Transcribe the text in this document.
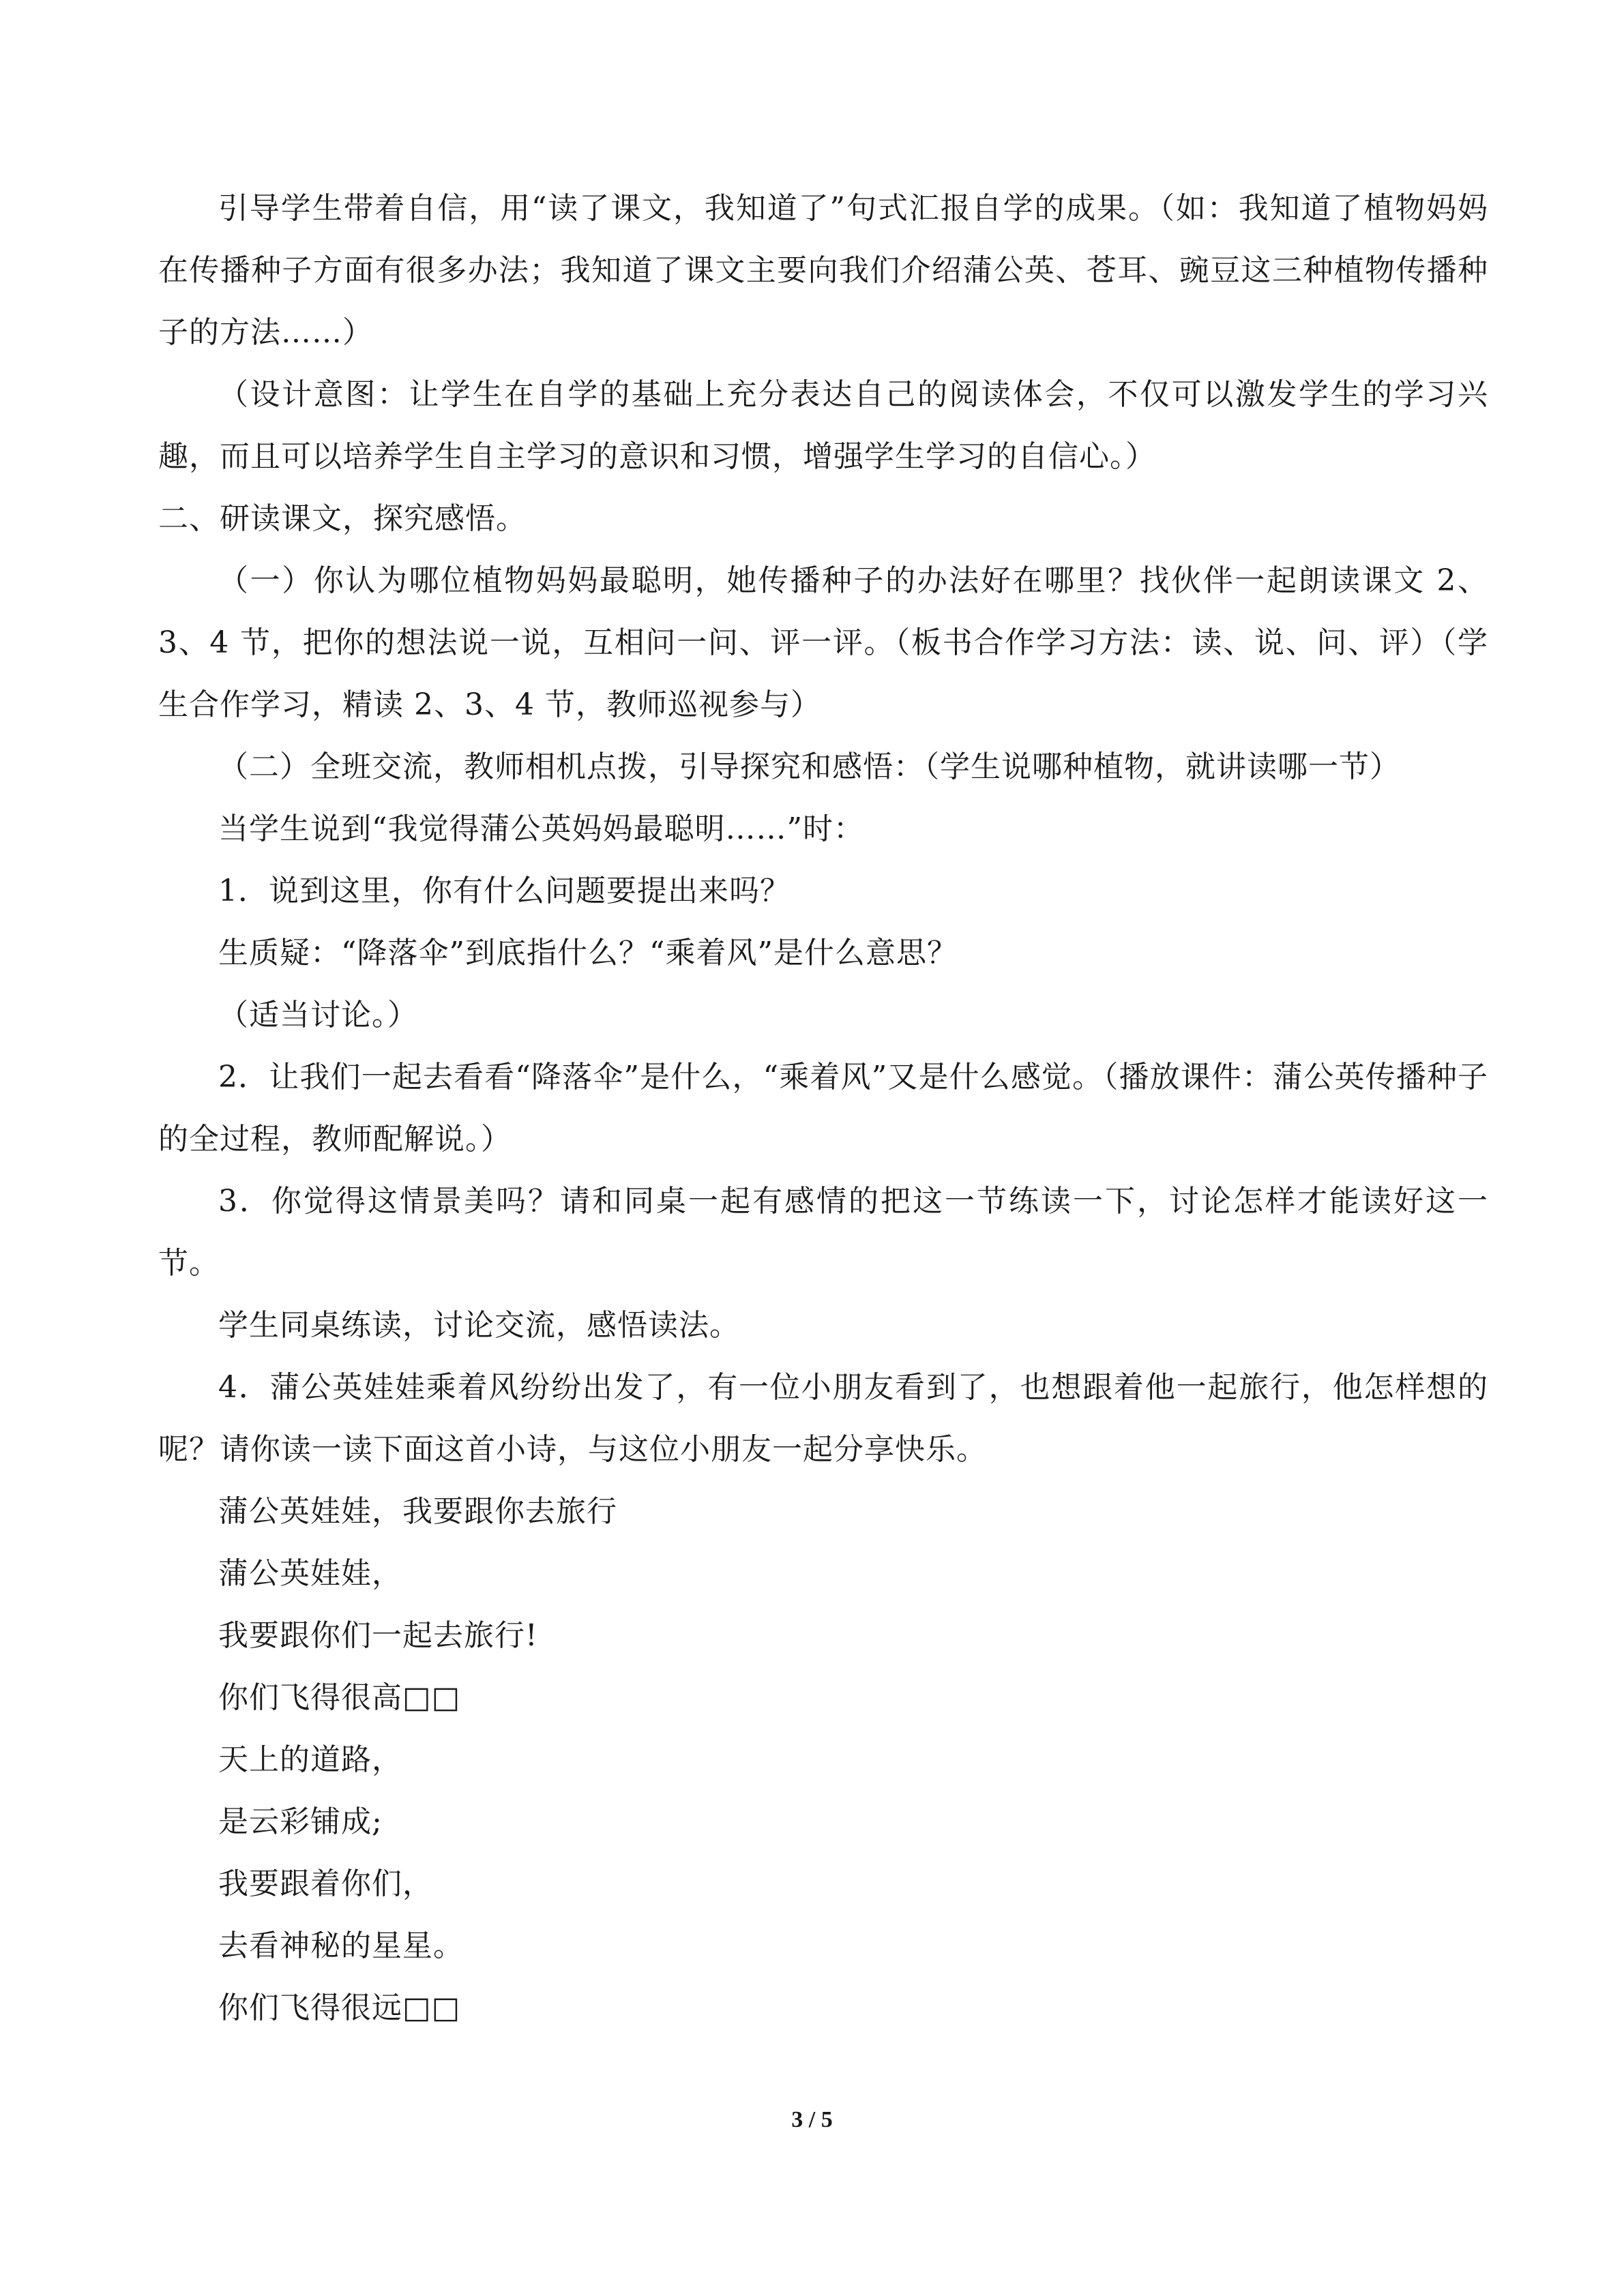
引导学生带着自信，用“读了课文，我知道了”句式汇报自学的成果。（如：我知道了植物妈妈在传播种子方面有很多办法；我知道了课文主要向我们介绍蒲公英、苍耳、豌豆这三种植物传播种子的方法……）

（设计意图：让学生在自学的基础上充分表达自己的阅读体会，不仅可以激发学生的学习兴趣，而且可以培养学生自主学习的意识和习惯，增强学生学习的自信心。）

二、研读课文，探究感悟。

（一）你认为哪位植物妈妈最聪明，她传播种子的办法好在哪里？找伙伴一起朗读课文 2、3、4 节，把你的想法说一说，互相问一问、评一评。（板书合作学习方法：读、说、问、评）（学生合作学习，精读 2、3、4 节，教师巡视参与）

（二）全班交流，教师相机点拨，引导探究和感悟：（学生说哪种植物，就讲读哪一节）

当学生说到“我觉得蒲公英妈妈最聪明……”时：

1．说到这里，你有什么问题要提出来吗？

生质疑：“降落伞”到底指什么？“乘着风”是什么意思？

（适当讨论。）

2．让我们一起去看看“降落伞”是什么，“乘着风”又是什么感觉。（播放课件：蒲公英传播种子的全过程，教师配解说。）

3．你觉得这情景美吗？请和同桌一起有感情的把这一节练读一下，讨论怎样才能读好这一节。

学生同桌练读，讨论交流，感悟读法。

4．蒲公英娃娃乘着风纷纷出发了，有一位小朋友看到了，也想跟着他一起旅行，他怎样想的呢？请你读一读下面这首小诗，与这位小朋友一起分享快乐。

蒲公英娃娃，我要跟你去旅行

蒲公英娃娃，

我要跟你们一起去旅行!

你们飞得很高□□

天上的道路，

是云彩铺成;

我要跟着你们，

去看神秘的星星。

你们飞得很远□□

3 / 5
